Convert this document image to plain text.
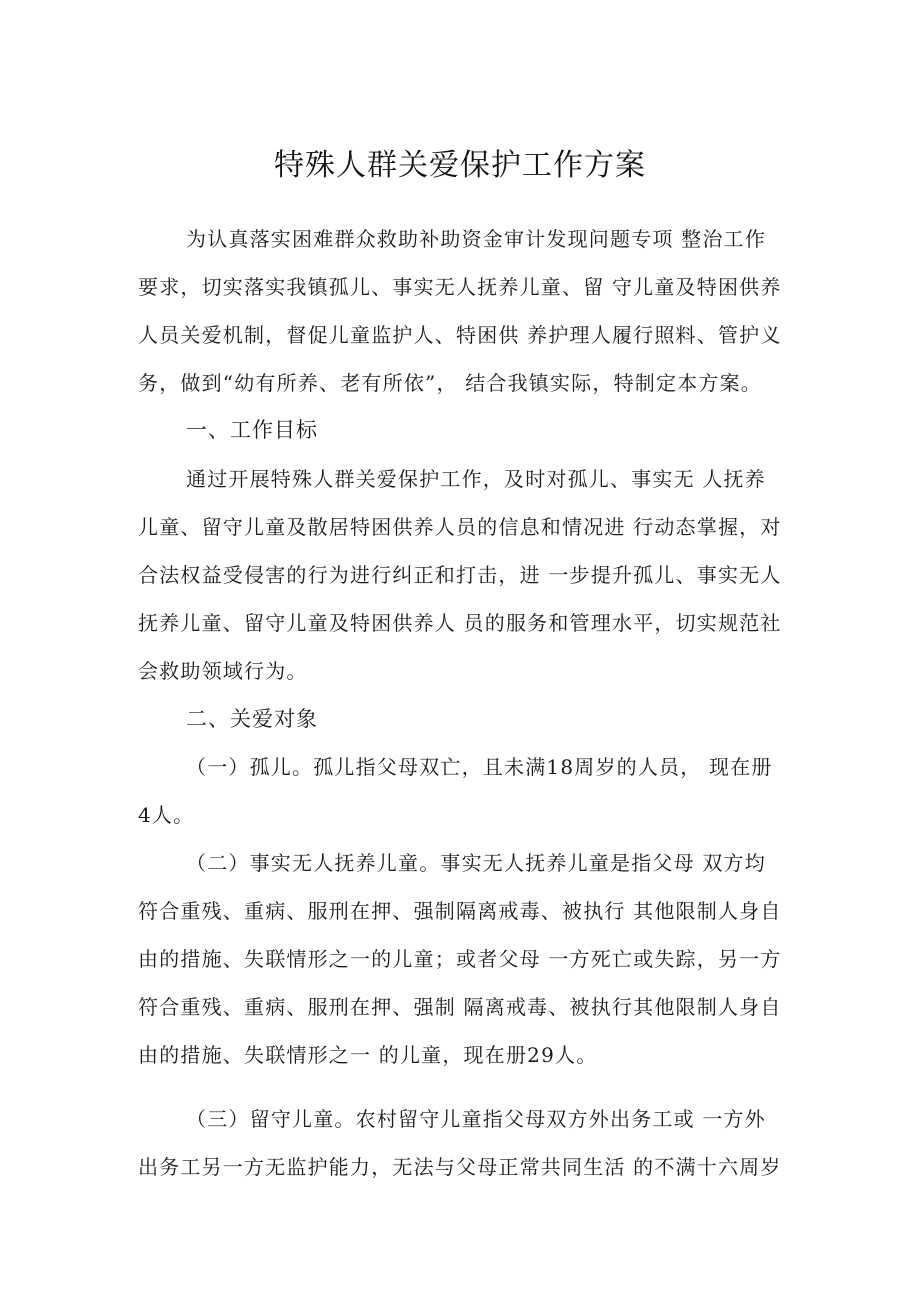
特殊人群关爱保护工作方案
为认真落实困难群众救助补助资金审计发现问题专项 整治工作
要求，切实落实我镇孤儿、事实无人抚养儿童、留 守儿童及特困供养
人员关爱机制，督促儿童监护人、特困供 养护理人履行照料、管护义
务，做到“幼有所养、老有所依”， 结合我镇实际，特制定本方案。
一、工作目标
通过开展特殊人群关爱保护工作，及时对孤儿、事实无 人抚养
儿童、留守儿童及散居特困供养人员的信息和情况进 行动态掌握，对
合法权益受侵害的行为进行纠正和打击，进 一步提升孤儿、事实无人
抚养儿童、留守儿童及特困供养人 员的服务和管理水平，切实规范社
会救助领域行为。
二、关爱对象
（一）孤儿。孤儿指父母双亡，且未满18周岁的人员， 现在册
4人。
（二）事实无人抚养儿童。事实无人抚养儿童是指父母 双方均
符合重残、重病、服刑在押、强制隔离戒毒、被执行 其他限制人身自
由的措施、失联情形之一的儿童；或者父母 一方死亡或失踪，另一方
符合重残、重病、服刑在押、强制 隔离戒毒、被执行其他限制人身自
由的措施、失联情形之一 的儿童，现在册29人。
（三）留守儿童。农村留守儿童指父母双方外出务工或 一方外
出务工另一方无监护能力，无法与父母正常共同生活 的不满十六周岁
